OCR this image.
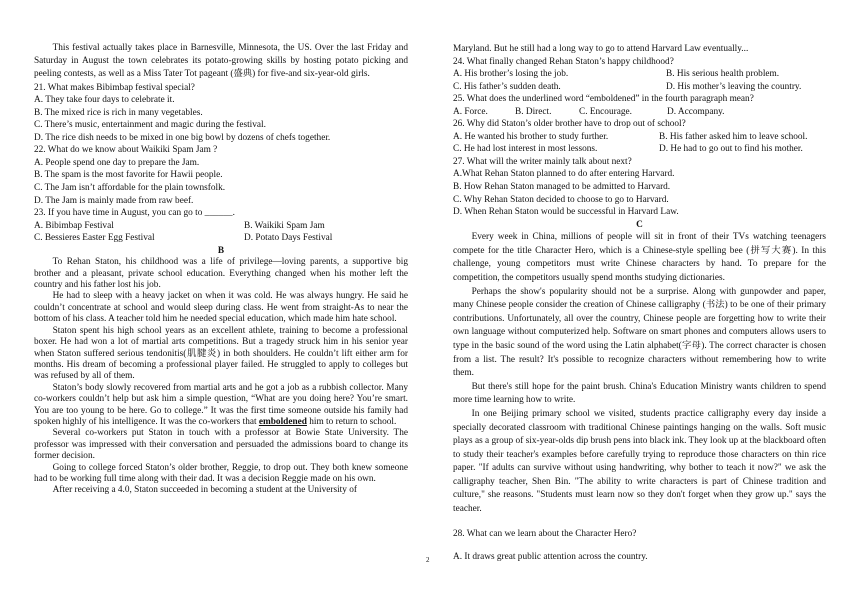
This festival actually takes place in Barnesville, Minnesota, the US. Over the last Friday and Saturday in August the town celebrates its potato-growing skills by hosting potato picking and peeling contests, as well as a Miss Tater Tot pageant (盛典) for five-and six-year-old girls.

21. What makes Bibimbap festival special?

A. They take four days to celebrate it.

B. The mixed rice is rich in many vegetables.

C. There’s music, entertainment and magic during the festival.

D. The rice dish needs to be mixed in one big bowl by dozens of chefs together.

22. What do we know about Waikiki Spam Jam ?

A. People spend one day to prepare the Jam.

B. The spam is the most favorite for Hawii people.

C. The Jam isn’t affordable for the plain townsfolk.

D. The Jam is mainly made from raw beef.

23. If you have time in August, you can go to ______.

A. Bibimbap Festival	B. Waikiki Spam Jam
C. Bessieres Easter Egg Festival	D. Potato Days Festival

B

To Rehan Staton, his childhood was a life of privilege—loving parents, a supportive big brother and a pleasant, private school education. Everything changed when his mother left the country and his father lost his job.

He had to sleep with a heavy jacket on when it was cold. He was always hungry. He said he couldn’t concentrate at school and would sleep during class. He went from straight-As to near the bottom of his class. A teacher told him he needed special education, which made him hate school.

Staton spent his high school years as an excellent athlete, training to become a professional boxer. He had won a lot of martial arts competitions. But a tragedy struck him in his senior year when Staton suffered serious tendonitis(肌腱炎) in both shoulders. He couldn’t lift either arm for months. His dream of becoming a professional player failed. He struggled to apply to colleges but was refused by all of them.

Staton’s body slowly recovered from martial arts and he got a job as a rubbish collector. Many co-workers couldn’t help but ask him a simple question, “What are you doing here? You’re smart. You are too young to be here. Go to college.” It was the first time someone outside his family had spoken highly of his intelligence. It was the co-workers that emboldened him to return to school.

Several co-workers put Staton in touch with a professor at Bowie State University. The professor was impressed with their conversation and persuaded the admissions board to change its former decision.

Going to college forced Staton’s older brother, Reggie, to drop out. They both knew someone had to be working full time along with their dad. It was a decision Reggie made on his own.

After receiving a 4.0, Staton succeeded in becoming a student at the University of

Maryland. But he still had a long way to go to attend Harvard Law eventually...

24. What finally changed Rehan Staton’s happy childhood?

A. His brother’s losing the job.	B. His serious health problem.
C. His father’s sudden death.	D. His mother’s leaving the country.

25. What does the underlined word “emboldened” in the fourth paragraph mean?

A. Force.	B. Direct.	C. Encourage.	D. Accompany.

26. Why did Staton’s older brother have to drop out of school?

A. He wanted his brother to study further.	B. His father asked him to leave school.
C. He had lost interest in most lessons.	D. He had to go out to find his mother.

27. What will the writer mainly talk about next?

A.What Rehan Staton planned to do after entering Harvard.

B. How Rehan Staton managed to be admitted to Harvard.

C. Why Rehan Staton decided to choose to go to Harvard.

D. When Rehan Staton would be successful in Harvard Law.

C

Every week in China, millions of people will sit in front of their TVs watching teenagers compete for the title Character Hero, which is a Chinese-style spelling bee (拼写大赛). In this challenge, young competitors must write Chinese characters by hand. To prepare for the competition, the competitors usually spend months studying dictionaries.

Perhaps the show's popularity should not be a surprise. Along with gunpowder and paper, many Chinese people consider the creation of Chinese calligraphy (书法) to be one of their primary contributions. Unfortunately, all over the country, Chinese people are forgetting how to write their own language without computerized help. Software on smart phones and computers allows users to type in the basic sound of the word using the Latin alphabet(字母). The correct character is chosen from a list. The result? It's possible to recognize characters without remembering how to write them.

But there's still hope for the paint brush. China's Education Ministry wants children to spend more time learning how to write.

In one Beijing primary school we visited, students practice calligraphy every day inside a specially decorated classroom with traditional Chinese paintings hanging on the walls. Soft music plays as a group of six-year-olds dip brush pens into black ink. They look up at the blackboard often to study their teacher's examples before carefully trying to reproduce those characters on thin rice paper. "If adults can survive without using handwriting, why bother to teach it now?" we ask the calligraphy teacher, Shen Bin. "The ability to write characters is part of Chinese tradition and culture," she reasons. "Students must learn now so they don't forget when they grow up." says the teacher.

28. What can we learn about the Character Hero?

A. It draws great public attention across the country.

2
